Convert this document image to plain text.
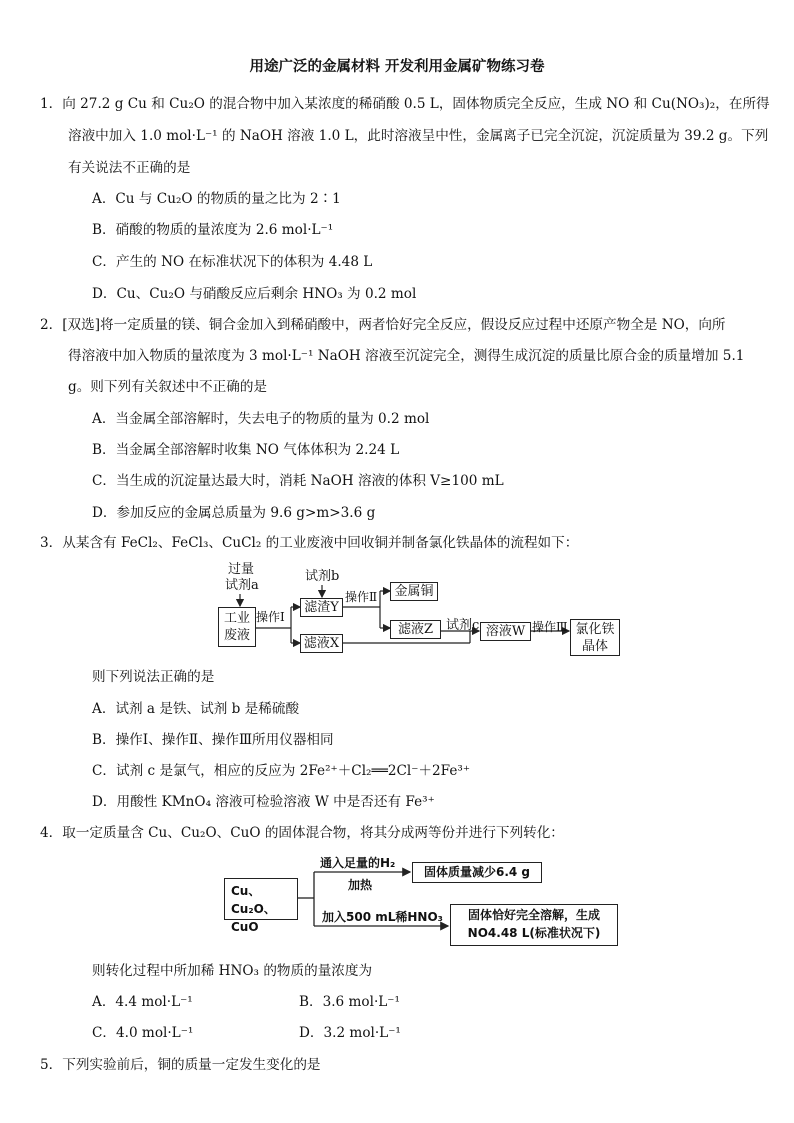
用途广泛的金属材料 开发利用金属矿物练习卷
1．向 27.2 g Cu 和 Cu₂O 的混合物中加入某浓度的稀硝酸 0.5 L，固体物质完全反应，生成 NO 和 Cu(NO₃)₂，在所得
溶液中加入 1.0 mol·L⁻¹ 的 NaOH 溶液 1.0 L，此时溶液呈中性，金属离子已完全沉淀，沉淀质量为 39.2 g。下列
有关说法不正确的是
A．Cu 与 Cu₂O 的物质的量之比为 2∶1
B．硝酸的物质的量浓度为 2.6 mol·L⁻¹
C．产生的 NO 在标准状况下的体积为 4.48 L
D．Cu、Cu₂O 与硝酸反应后剩余 HNO₃ 为 0.2 mol
2．[双选]将一定质量的镁、铜合金加入到稀硝酸中，两者恰好完全反应，假设反应过程中还原产物全是 NO，向所
得溶液中加入物质的量浓度为 3 mol·L⁻¹ NaOH 溶液至沉淀完全，测得生成沉淀的质量比原合金的质量增加 5.1
g。则下列有关叙述中不正确的是
A．当金属全部溶解时，失去电子的物质的量为 0.2 mol
B．当金属全部溶解时收集 NO 气体体积为 2.24 L
C．当生成的沉淀量达最大时，消耗 NaOH 溶液的体积 V≥100 mL
D．参加反应的金属总质量为 9.6 g>m>3.6 g
3．从某含有 FeCl₂、FeCl₃、CuCl₂ 的工业废液中回收铜并制备氯化铁晶体的流程如下：
过量
试剂a
试剂b
工业
废液
操作Ⅰ
滤渣Y
操作Ⅱ	金属铜
滤液Z 试剂c 溶液W 操作Ⅲ 氯化铁
晶体
滤液X
则下列说法正确的是
A．试剂 a 是铁、试剂 b 是稀硫酸
B．操作Ⅰ、操作Ⅱ、操作Ⅲ所用仪器相同
C．试剂 c 是氯气，相应的反应为 2Fe²⁺＋Cl₂══2Cl⁻＋2Fe³⁺
D．用酸性 KMnO₄ 溶液可检验溶液 W 中是否还有 Fe³⁺
4．取一定质量含 Cu、Cu₂O、CuO 的固体混合物，将其分成两等份并进行下列转化：
Cu、Cu₂O、
CuO
通入足量的H₂
加热
固体质量减少6.4 g
加入500 mL稀HNO₃	固体恰好完全溶解，生成
NO4.48 L(标准状况下)
则转化过程中所加稀 HNO₃ 的物质的量浓度为
A．4.4 mol·L⁻¹	B．3.6 mol·L⁻¹
C．4.0 mol·L⁻¹	D．3.2 mol·L⁻¹
5．下列实验前后，铜的质量一定发生变化的是
